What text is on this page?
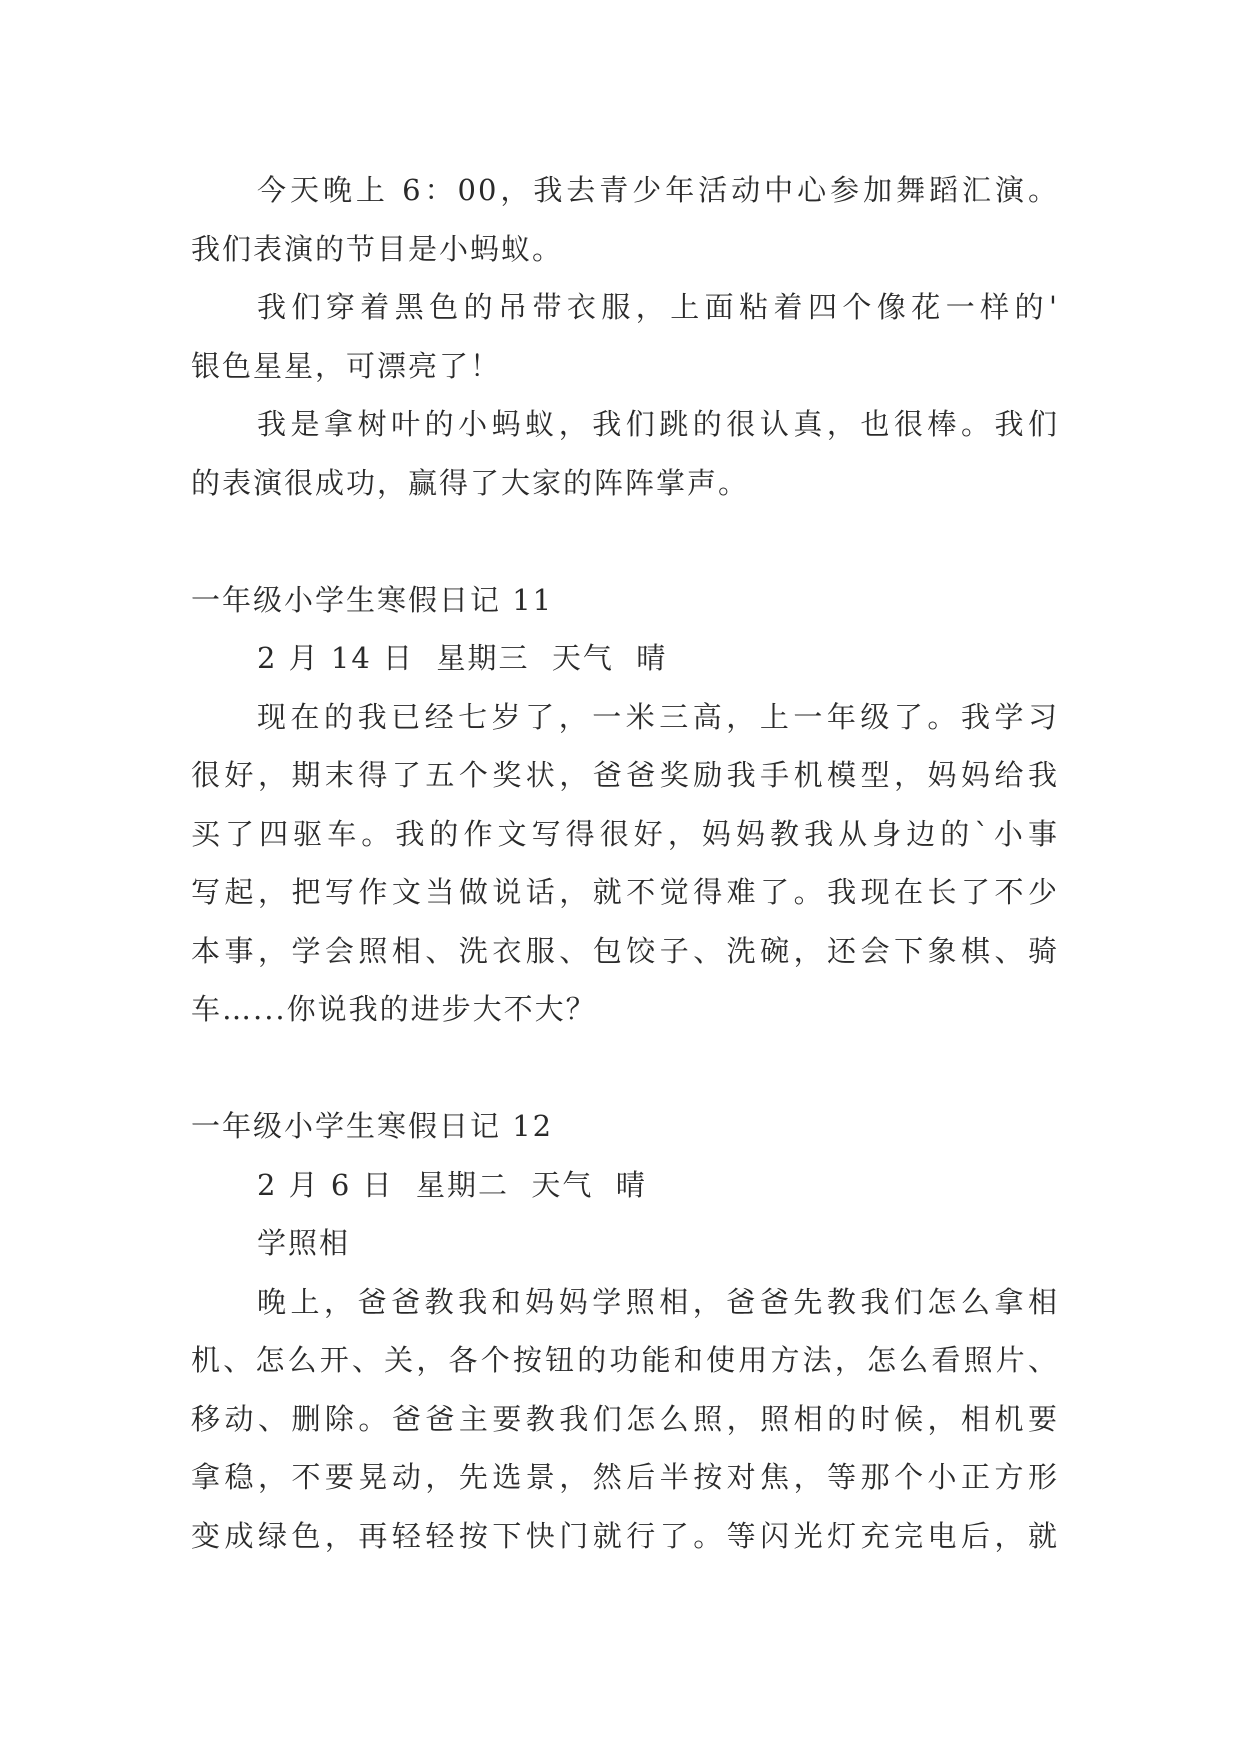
今天晚上 6：00，我去青少年活动中心参加舞蹈汇演。
我们表演的节目是小蚂蚁。
我们穿着黑色的吊带衣服，上面粘着四个像花一样的'
银色星星，可漂亮了！
我是拿树叶的小蚂蚁，我们跳的很认真，也很棒。我们
的表演很成功，赢得了大家的阵阵掌声。
一年级小学生寒假日记 11
2 月 14 日  星期三  天气  晴
现在的我已经七岁了，一米三高，上一年级了。我学习
很好，期末得了五个奖状，爸爸奖励我手机模型，妈妈给我
买了四驱车。我的作文写得很好，妈妈教我从身边的`小事
写起，把写作文当做说话，就不觉得难了。我现在长了不少
本事，学会照相、洗衣服、包饺子、洗碗，还会下象棋、骑
车…...你说我的进步大不大？
一年级小学生寒假日记 12
2 月 6 日  星期二  天气  晴
学照相
晚上，爸爸教我和妈妈学照相，爸爸先教我们怎么拿相
机、怎么开、关，各个按钮的功能和使用方法，怎么看照片、
移动、删除。爸爸主要教我们怎么照，照相的时候，相机要
拿稳，不要晃动，先选景，然后半按对焦，等那个小正方形
变成绿色，再轻轻按下快门就行了。等闪光灯充完电后，就
